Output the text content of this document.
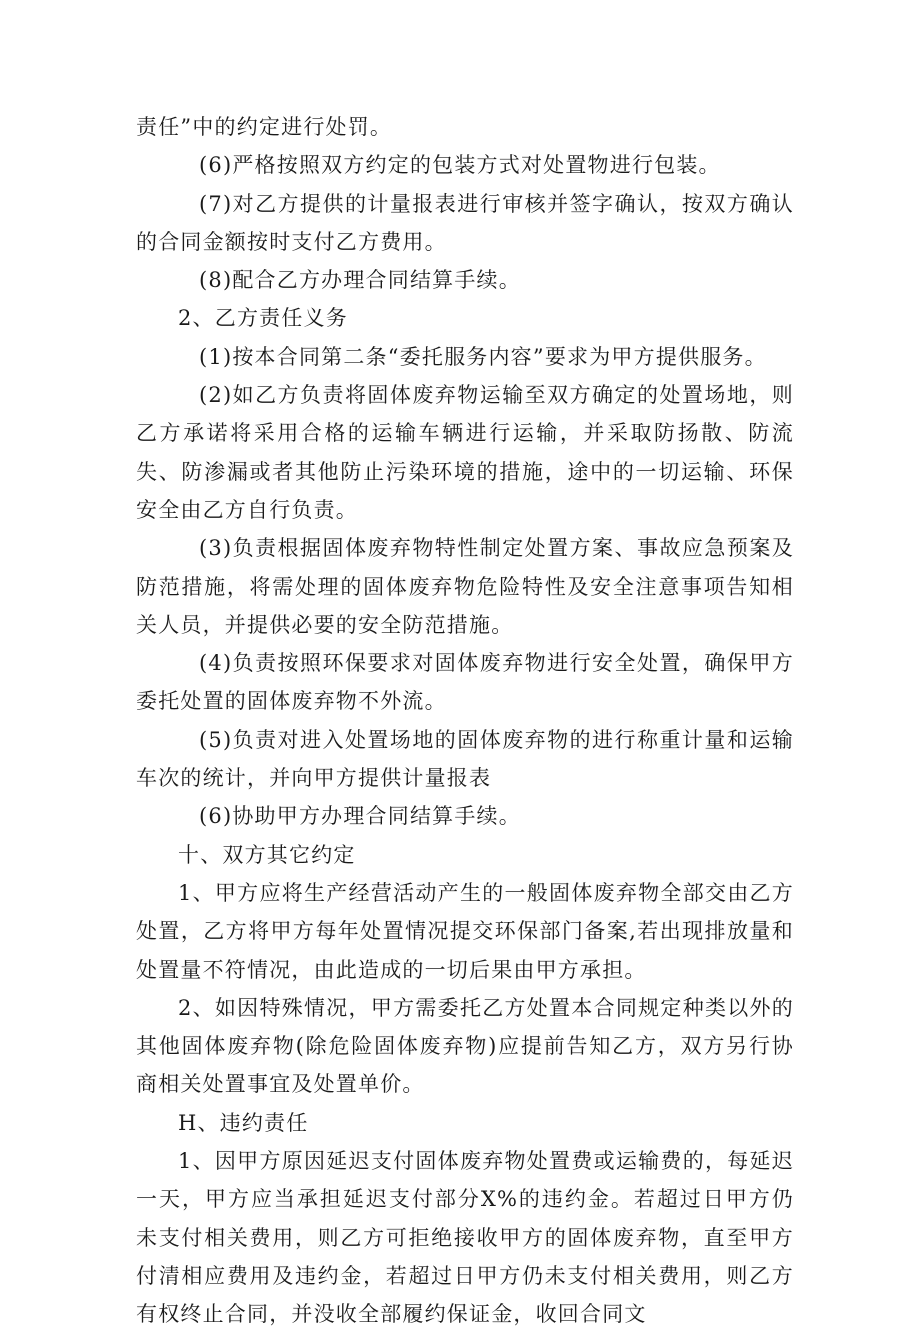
责任”中的约定进行处罚。

(6)严格按照双方约定的包装方式对处置物进行包装。

(7)对乙方提供的计量报表进行审核并签字确认，按双方确认的合同金额按时支付乙方费用。

(8)配合乙方办理合同结算手续。

2、乙方责任义务

(1)按本合同第二条“委托服务内容”要求为甲方提供服务。

(2)如乙方负责将固体废弃物运输至双方确定的处置场地，则乙方承诺将采用合格的运输车辆进行运输，并采取防扬散、防流失、防渗漏或者其他防止污染环境的措施，途中的一切运输、环保安全由乙方自行负责。

(3)负责根据固体废弃物特性制定处置方案、事故应急预案及防范措施，将需处理的固体废弃物危险特性及安全注意事项告知相关人员，并提供必要的安全防范措施。

(4)负责按照环保要求对固体废弃物进行安全处置，确保甲方委托处置的固体废弃物不外流。

(5)负责对进入处置场地的固体废弃物的进行称重计量和运输车次的统计，并向甲方提供计量报表

(6)协助甲方办理合同结算手续。

十、双方其它约定

1、甲方应将生产经营活动产生的一般固体废弃物全部交由乙方处置，乙方将甲方每年处置情况提交环保部门备案,若出现排放量和处置量不符情况，由此造成的一切后果由甲方承担。

2、如因特殊情况，甲方需委托乙方处置本合同规定种类以外的其他固体废弃物(除危险固体废弃物)应提前告知乙方，双方另行协商相关处置事宜及处置单价。

H、违约责任

1、因甲方原因延迟支付固体废弃物处置费或运输费的，每延迟一天，甲方应当承担延迟支付部分X%的违约金。若超过日甲方仍未支付相关费用，则乙方可拒绝接收甲方的固体废弃物，直至甲方付清相应费用及违约金，若超过日甲方仍未支付相关费用，则乙方有权终止合同，并没收全部履约保证金，收回合同文
